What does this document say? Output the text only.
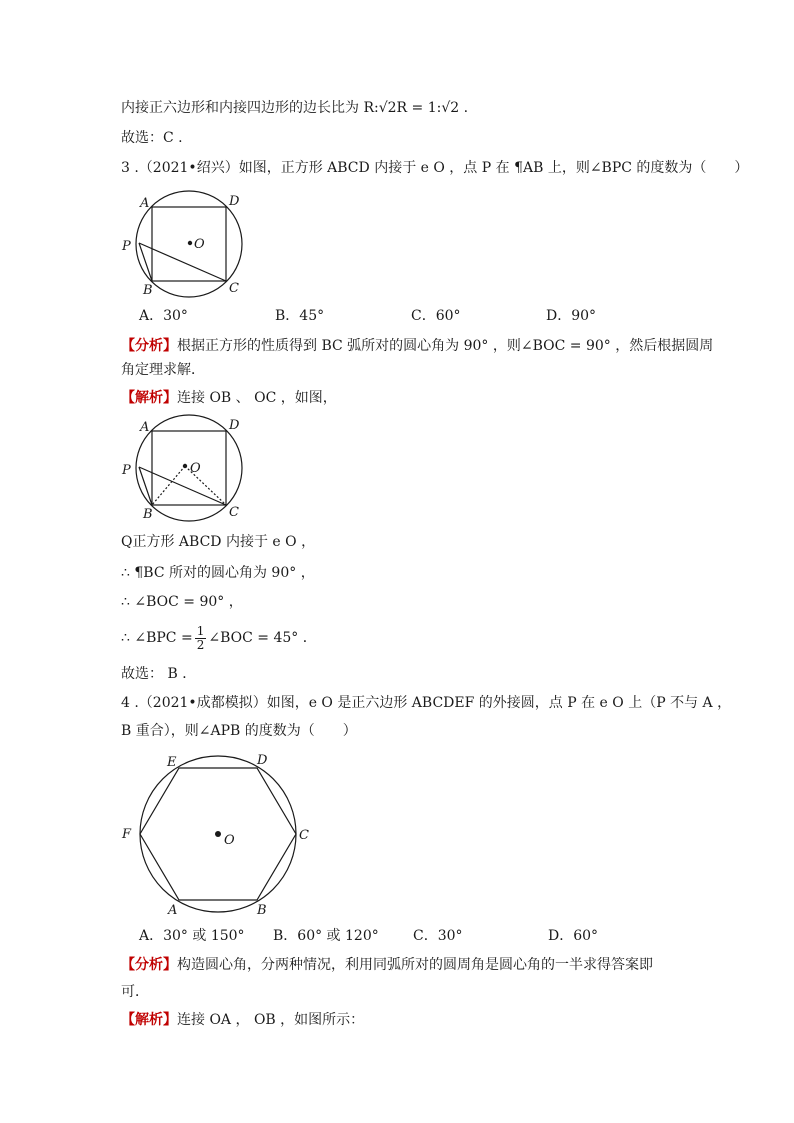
内接正六边形和内接四边形的边长比为 R:√2R = 1:√2 .
故选：C .
3 .（2021•绍兴）如图，正方形 ABCD 内接于 e O ，点 P 在 ¶AB 上，则∠BPC 的度数为（　　）
A	D
P	O
B	C
A．30°	B．45°	C．60°	D．90°
【分析】根据正方形的性质得到 BC 弧所对的圆心角为 90° ，则∠BOC = 90° ，然后根据圆周
角定理求解．
【解析】连接 OB 、 OC ，如图，
A	D
P	O
B	C
Q正方形 ABCD 内接于 e O ，
∴ ¶BC 所对的圆心角为 90° ，
∴ ∠BOC = 90° ，
∴ ∠BPC = $\frac{1}{2}$ ∠BOC = 45° ．
故选： B ．
4 .（2021•成都模拟）如图，e O 是正六边形 ABCDEF 的外接圆，点 P 在 e O 上（P 不与 A ，
B 重合），则∠APB 的度数为（　　）
E	D
F	O	C
A	B
A．30° 或 150° B．60° 或 120° C．30°	D．60°
【分析】构造圆心角，分两种情况，利用同弧所对的圆周角是圆心角的一半求得答案即
可．
【解析】连接 OA ， OB ，如图所示：
